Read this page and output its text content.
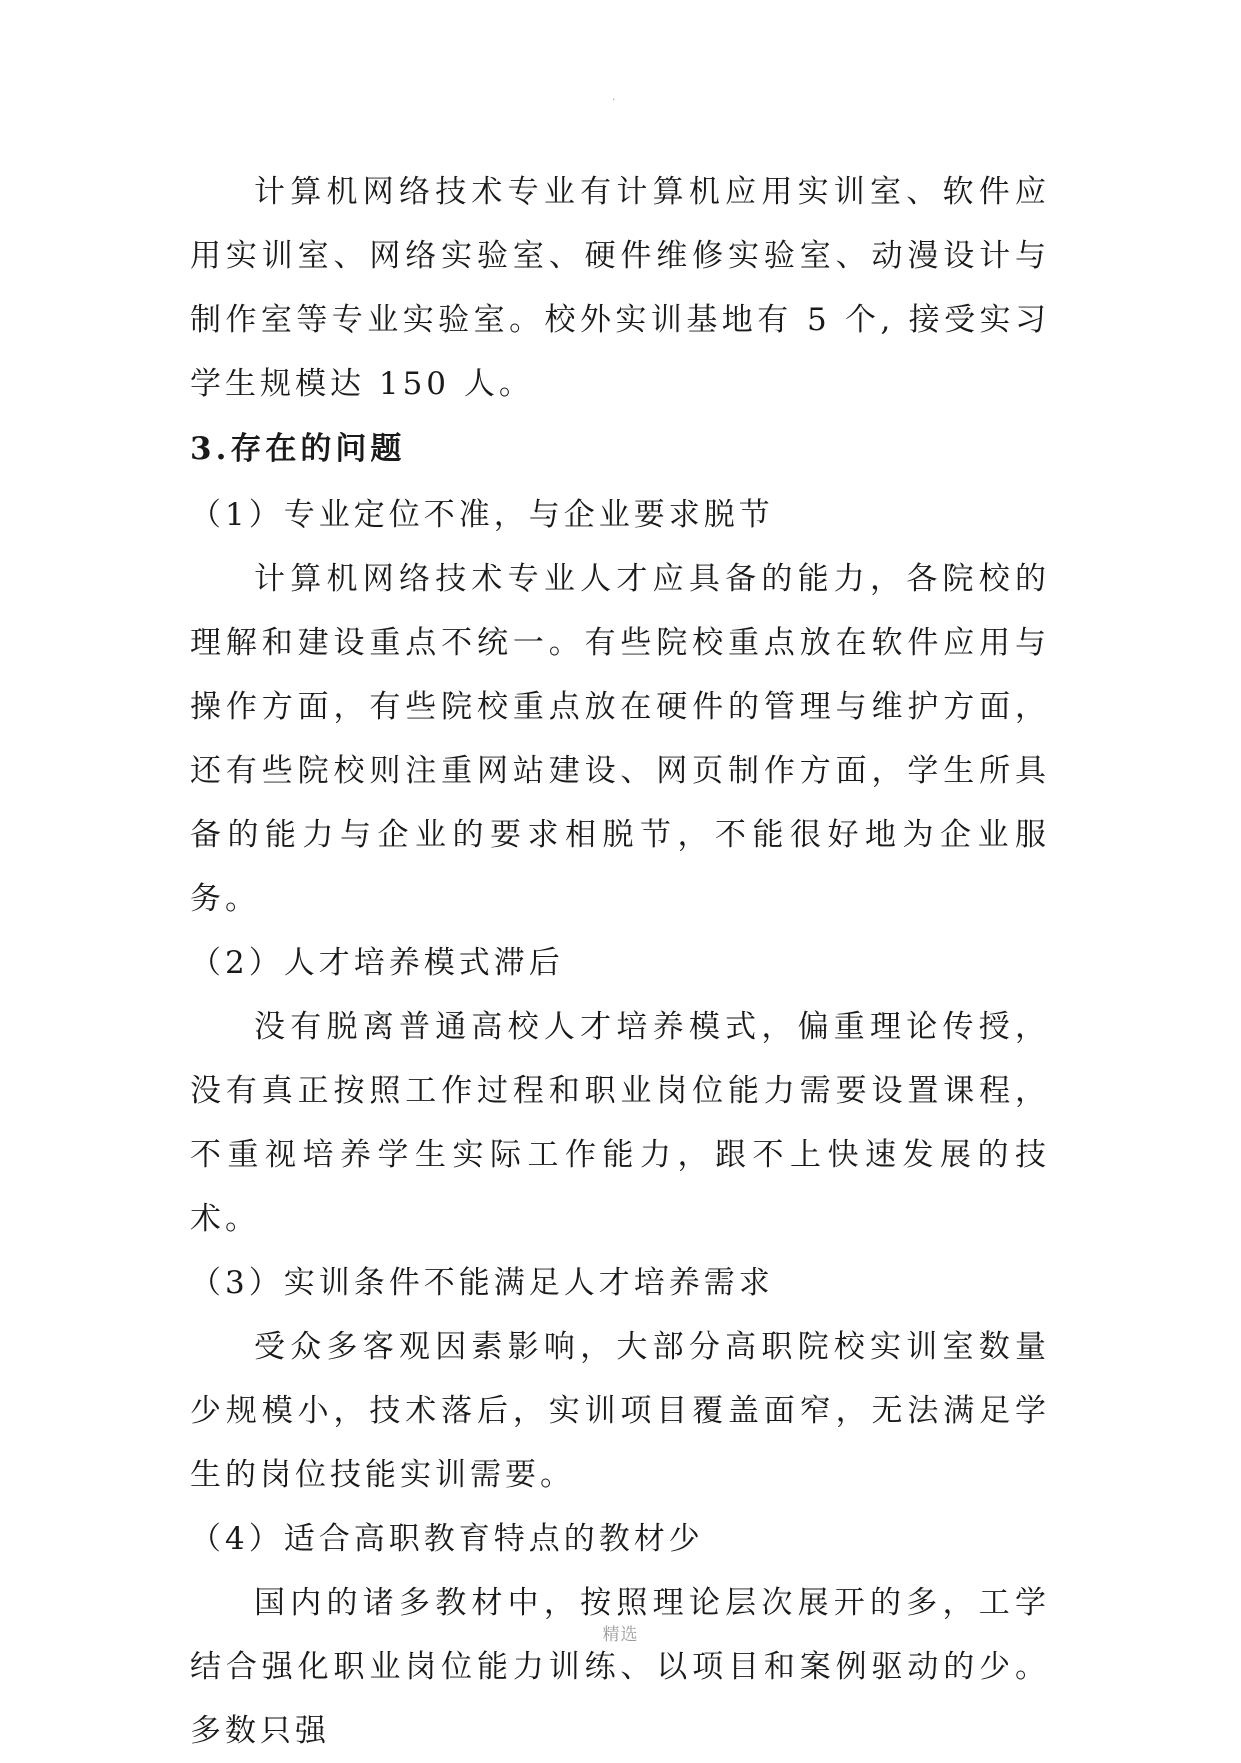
·

计算机网络技术专业有计算机应用实训室、软件应用实训室、网络实验室、硬件维修实验室、动漫设计与制作室等专业实验室。校外实训基地有 5 个, 接受实习学生规模达 150 人。

3.存在的问题

（1）专业定位不准，与企业要求脱节

计算机网络技术专业人才应具备的能力，各院校的理解和建设重点不统一。有些院校重点放在软件应用与操作方面，有些院校重点放在硬件的管理与维护方面，还有些院校则注重网站建设、网页制作方面，学生所具备的能力与企业的要求相脱节，不能很好地为企业服务。

（2）人才培养模式滞后

没有脱离普通高校人才培养模式，偏重理论传授，没有真正按照工作过程和职业岗位能力需要设置课程，不重视培养学生实际工作能力，跟不上快速发展的技术。

（3）实训条件不能满足人才培养需求

受众多客观因素影响，大部分高职院校实训室数量少规模小，技术落后，实训项目覆盖面窄，无法满足学生的岗位技能实训需要。

（4）适合高职教育特点的教材少

国内的诸多教材中，按照理论层次展开的多，工学结合强化职业岗位能力训练、以项目和案例驱动的少。多数只强

精选
